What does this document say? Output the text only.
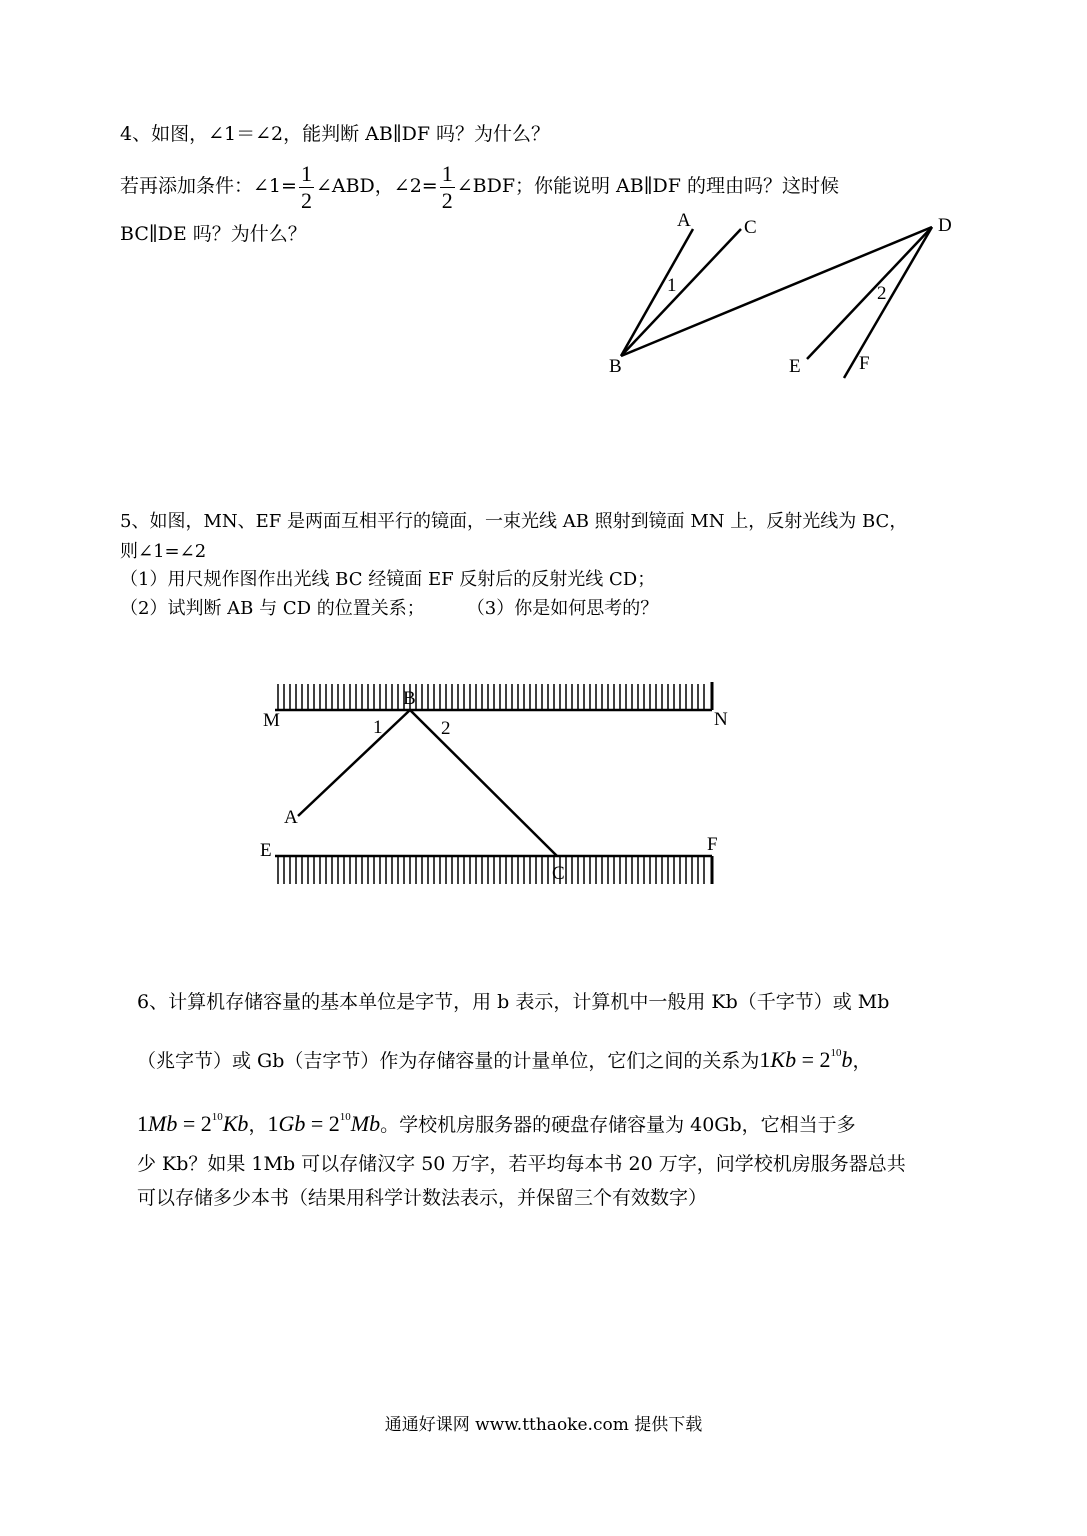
4、如图，∠1＝∠2，能判断 AB∥DF 吗？为什么？
若再添加条件：∠1= $\frac{1}{2}$ ∠ABD，∠2= $\frac{1}{2}$ ∠BDF；你能说明 AB∥DF 的理由吗？这时候
BC∥DE 吗？为什么？
A	C	D
1	2
B	E	F
5、如图，MN、EF 是两面互相平行的镜面，一束光线 AB 照射到镜面 MN 上，反射光线为 BC，
则∠1=∠2
（1）用尺规作图作出光线 BC 经镜面 EF 反射后的反射光线 CD；
（2）试判断 AB 与 CD 的位置关系； （3）你是如何思考的？
M	N
B
1	2
A
E	F
C
6、计算机存储容量的基本单位是字节，用 b 表示，计算机中一般用 Kb（千字节）或 Mb
（兆字节）或 Gb（吉字节）作为存储容量的计量单位，它们之间的关系为$1Kb = 2^{10}b$，
$1Mb = 2^{10}Kb$，$1Gb = 2^{10}Mb$。学校机房服务器的硬盘存储容量为 40Gb，它相当于多
少 Kb？如果 1Mb 可以存储汉字 50 万字，若平均每本书 20 万字，问学校机房服务器总共
可以存储多少本书（结果用科学计数法表示，并保留三个有效数字）
通通好课网 www.tthaoke.com 提供下载
